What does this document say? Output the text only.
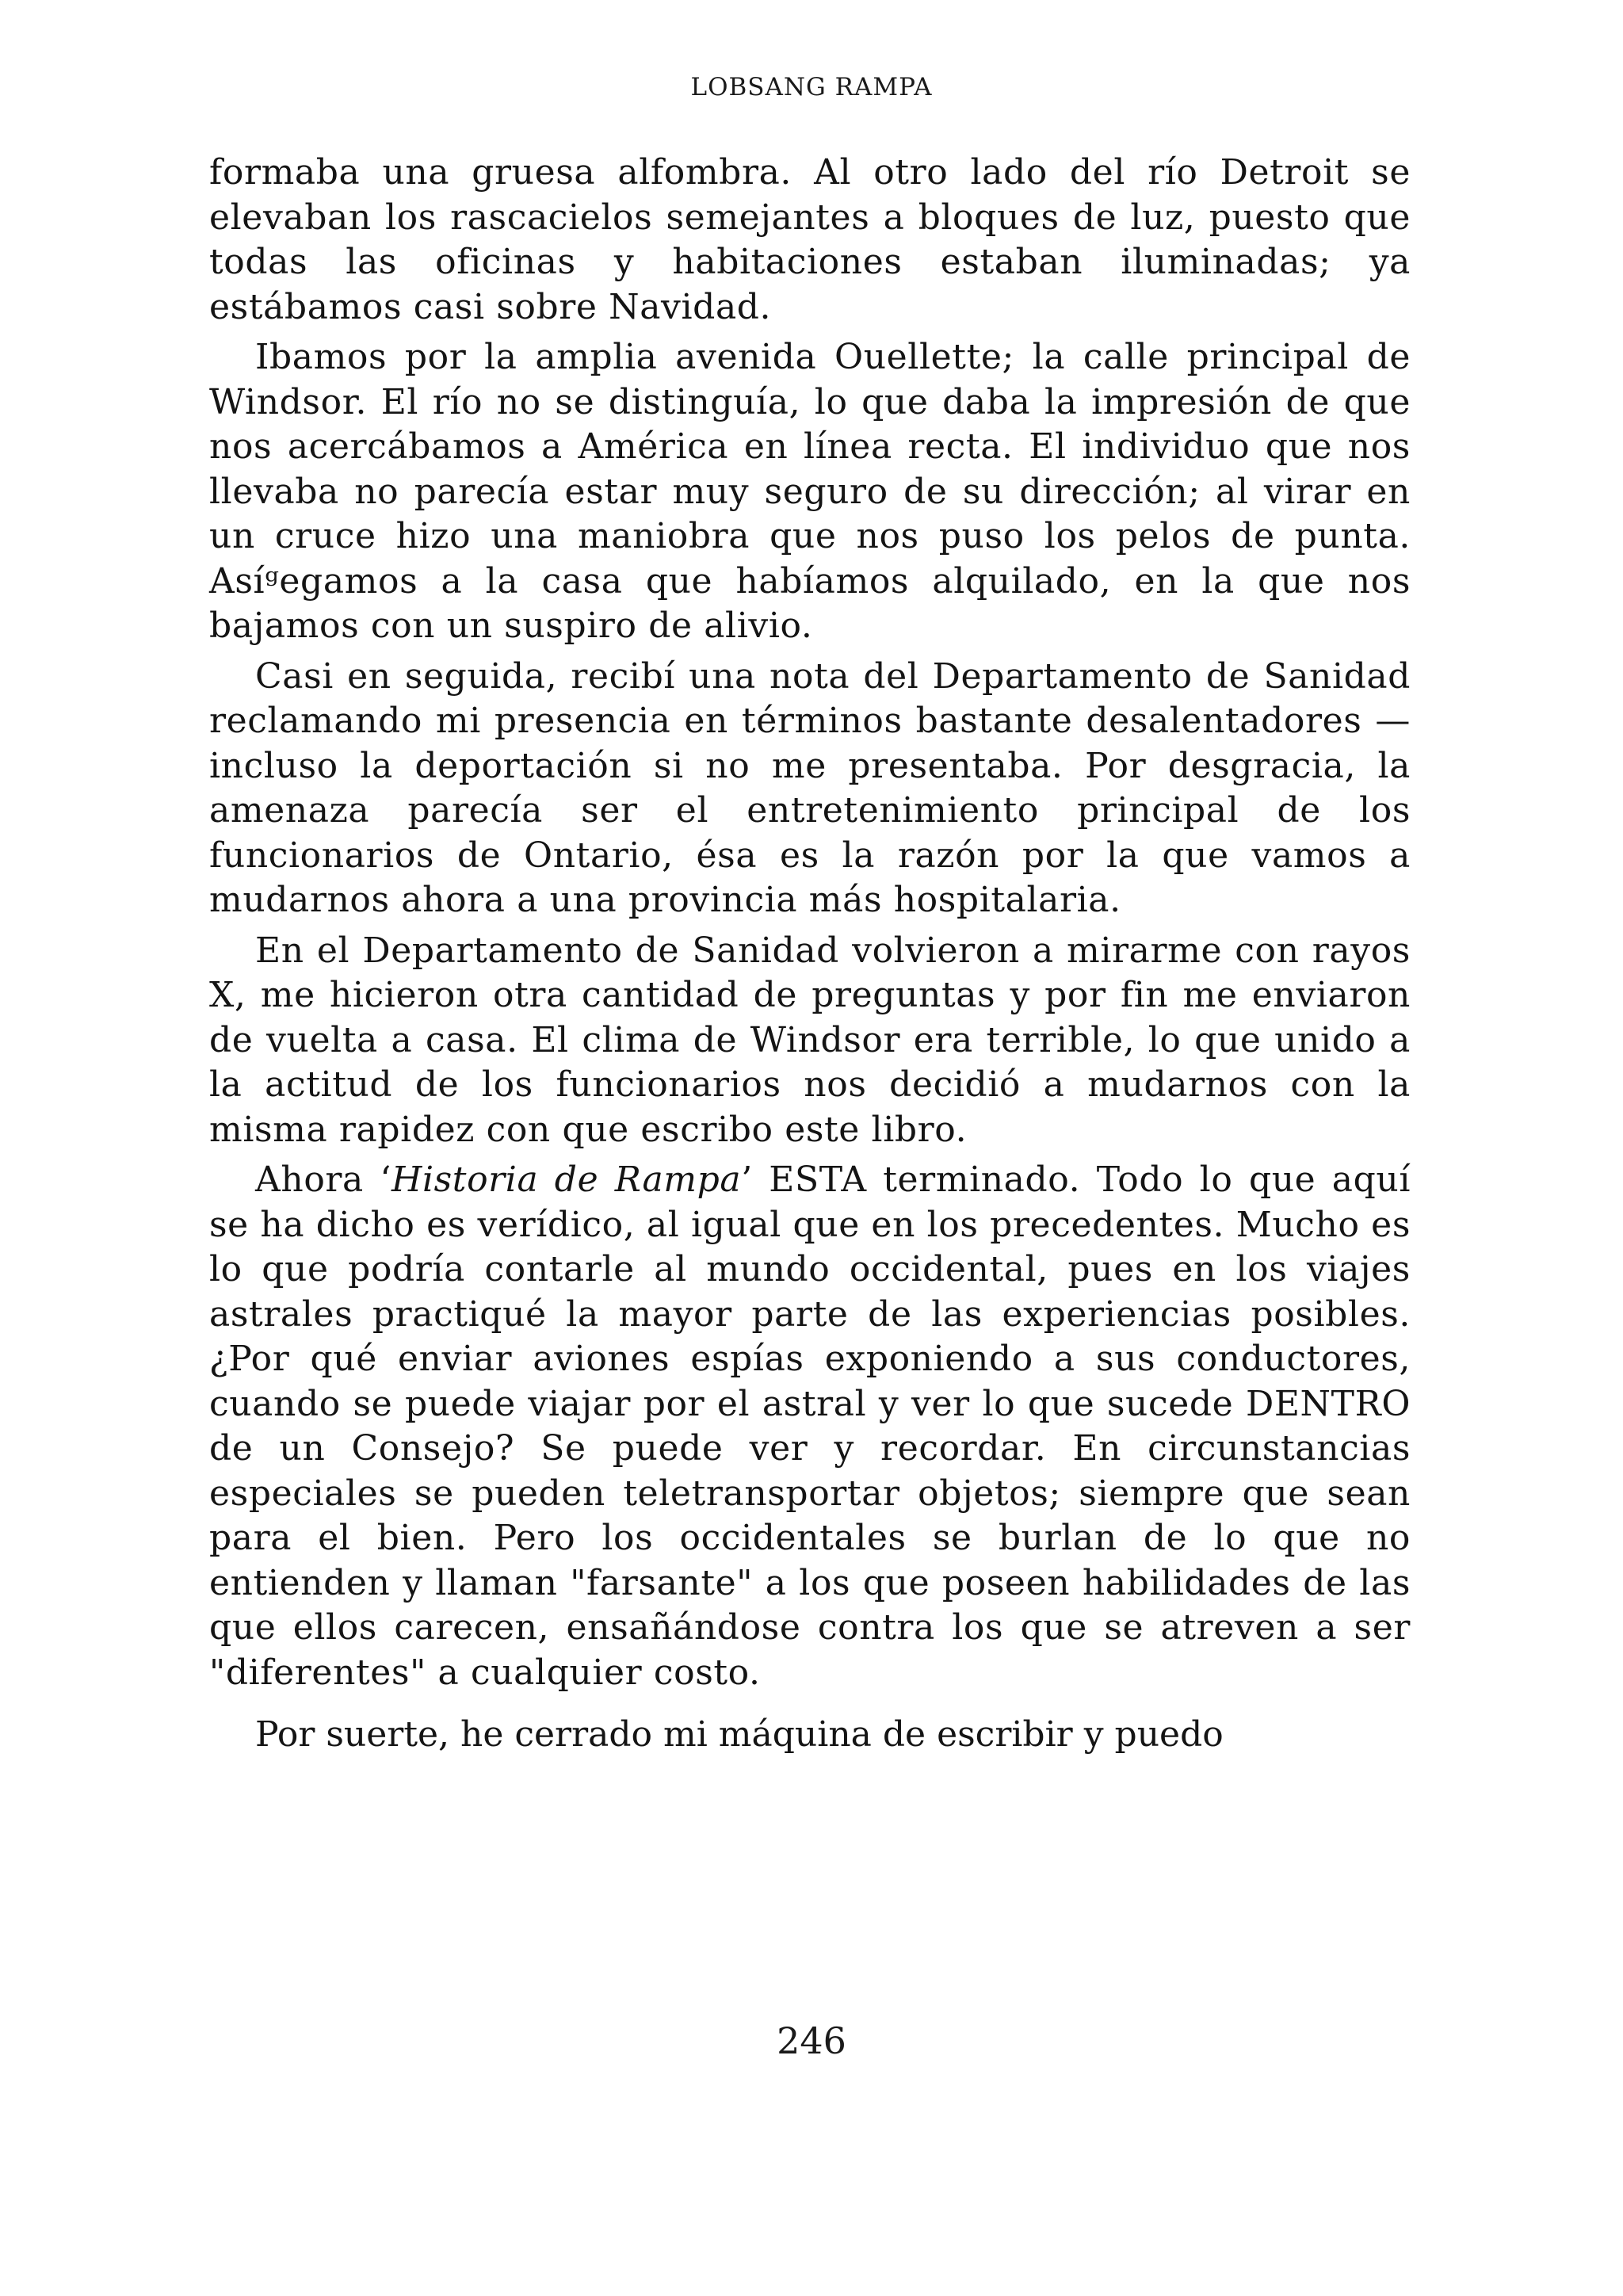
LOBSANG RAMPA

formaba una gruesa alfombra. Al otro lado del río Detroit se elevaban los rascacielos semejantes a bloques de luz, puesto que todas las oficinas y habitaciones estaban iluminadas; ya estábamos casi sobre Navidad.

Ibamos por la amplia avenida Ouellette; la calle principal de Windsor. El río no se distinguía, lo que daba la impresión de que nos acercábamos a América en línea recta. El individuo que nos llevaba no parecía estar muy seguro de su dirección; al virar en un cruce hizo una maniobra que nos puso los pelos de punta. Asíᵍegamos a la casa que habíamos alquilado, en la que nos bajamos con un suspiro de alivio.

Casi en seguida, recibí una nota del Departamento de Sanidad reclamando mi presencia en términos bastante desalentadores —incluso la deportación si no me presentaba. Por desgracia, la amenaza parecía ser el entretenimiento principal de los funcionarios de Ontario, ésa es la razón por la que vamos a mudarnos ahora a una provincia más hospitalaria.

En el Departamento de Sanidad volvieron a mirarme con rayos X, me hicieron otra cantidad de preguntas y por fin me enviaron de vuelta a casa. El clima de Windsor era terrible, lo que unido a la actitud de los funcionarios nos decidió a mudarnos con la misma rapidez con que escribo este libro.

Ahora ‘Historia de Rampa’ ESTA terminado. Todo lo que aquí se ha dicho es verídico, al igual que en los precedentes. Mucho es lo que podría contarle al mundo occidental, pues en los viajes astrales practiqué la mayor parte de las experiencias posibles. ¿Por qué enviar aviones espías exponiendo a sus conductores, cuando se puede viajar por el astral y ver lo que sucede DENTRO de un Consejo? Se puede ver y recordar. En circunstancias especiales se pueden teletransportar objetos; siempre que sean para el bien. Pero los occidentales se burlan de lo que no entienden y llaman "farsante" a los que poseen habilidades de las que ellos carecen, ensañándose contra los que se atreven a ser "diferentes" a cualquier costo.

Por suerte, he cerrado mi máquina de escribir y puedo

246
